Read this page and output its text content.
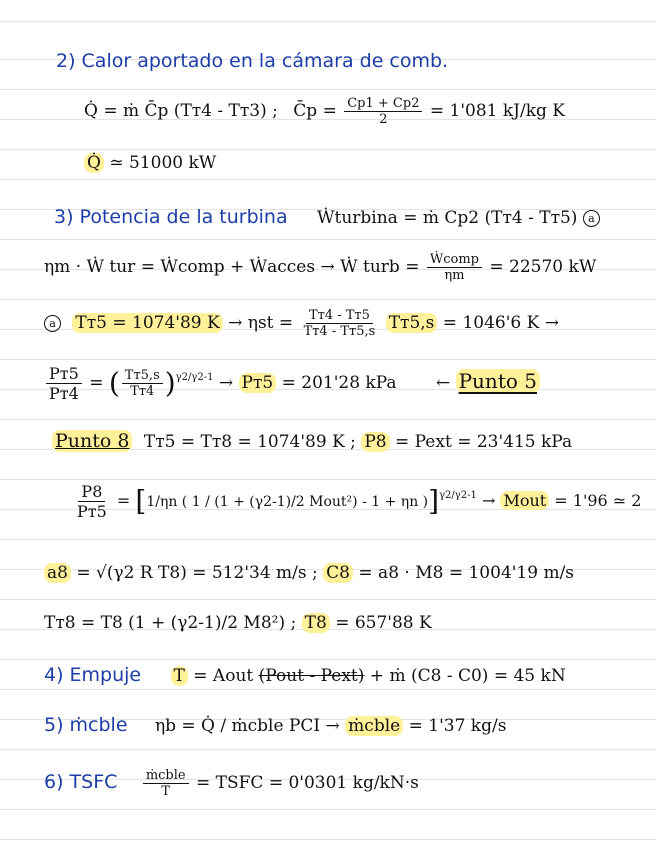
2) Calor aportado en la cámara de comb.
Q̇ = ṁ C̄p (Tт4 - Tт3) ; C̄p = $\frac{Cp1 + Cp2}{2} = 1'081$ kJ/kg K
Q̇ ≃ 51000 kW
3) Potencia de la turbina Ẇturbina = ṁ Cp2 (Tт4 - Tт5) a
ηm · Ẇ tur = Ẇcomp + Ẇacces → Ẇ turb = $\frac{\text{Ẇcomp}}{\eta m} = 22570$ kW
a Tт5 = 1074'89 $K \to \eta st = \frac{Tт4 - Tт5}{Tт4 - Tт5,s} Tт5,s = 1046'6$ K →
$\frac{Pт5}{Pт4}$ = ( $\frac{Tт5,s}{Tт4} )^{\gamma 2/\gamma 2-1} \to Pт5 = 201'28$ kPa ← Punto 5
Punto 8 Tт5 = Tт8 = 1074'89 K ; P8 = Pext = 23'415 kPa
$\frac{P8}{Pт5} = [1/\eta n$ ( 1 / (1 + (γ2-1)/2 Mout²) - 1 + ηn )]$^{\gamma 2/\gamma 2-1}$ → Mout = 1'96 ≃ 2
a8 = √(γ2 R T8) = 512'34 m/s ; C8 = a8 · M8 = 1004'19 m/s
Tт8 = T8 (1 + (γ2-1)/2 M8²) ; T8 = 657'88 K
4) Empuje T = Aout (Pout - Pext) + ṁ (C8 - C0) = 45 kN
5) ṁcble ηb = Q̇ / ṁcble PCI → ṁcble = 1'37 kg/s
6) TSFC $\frac{\text{ṁcble}}{T}$ = TSFC = 0'0301 kg/kN·s
